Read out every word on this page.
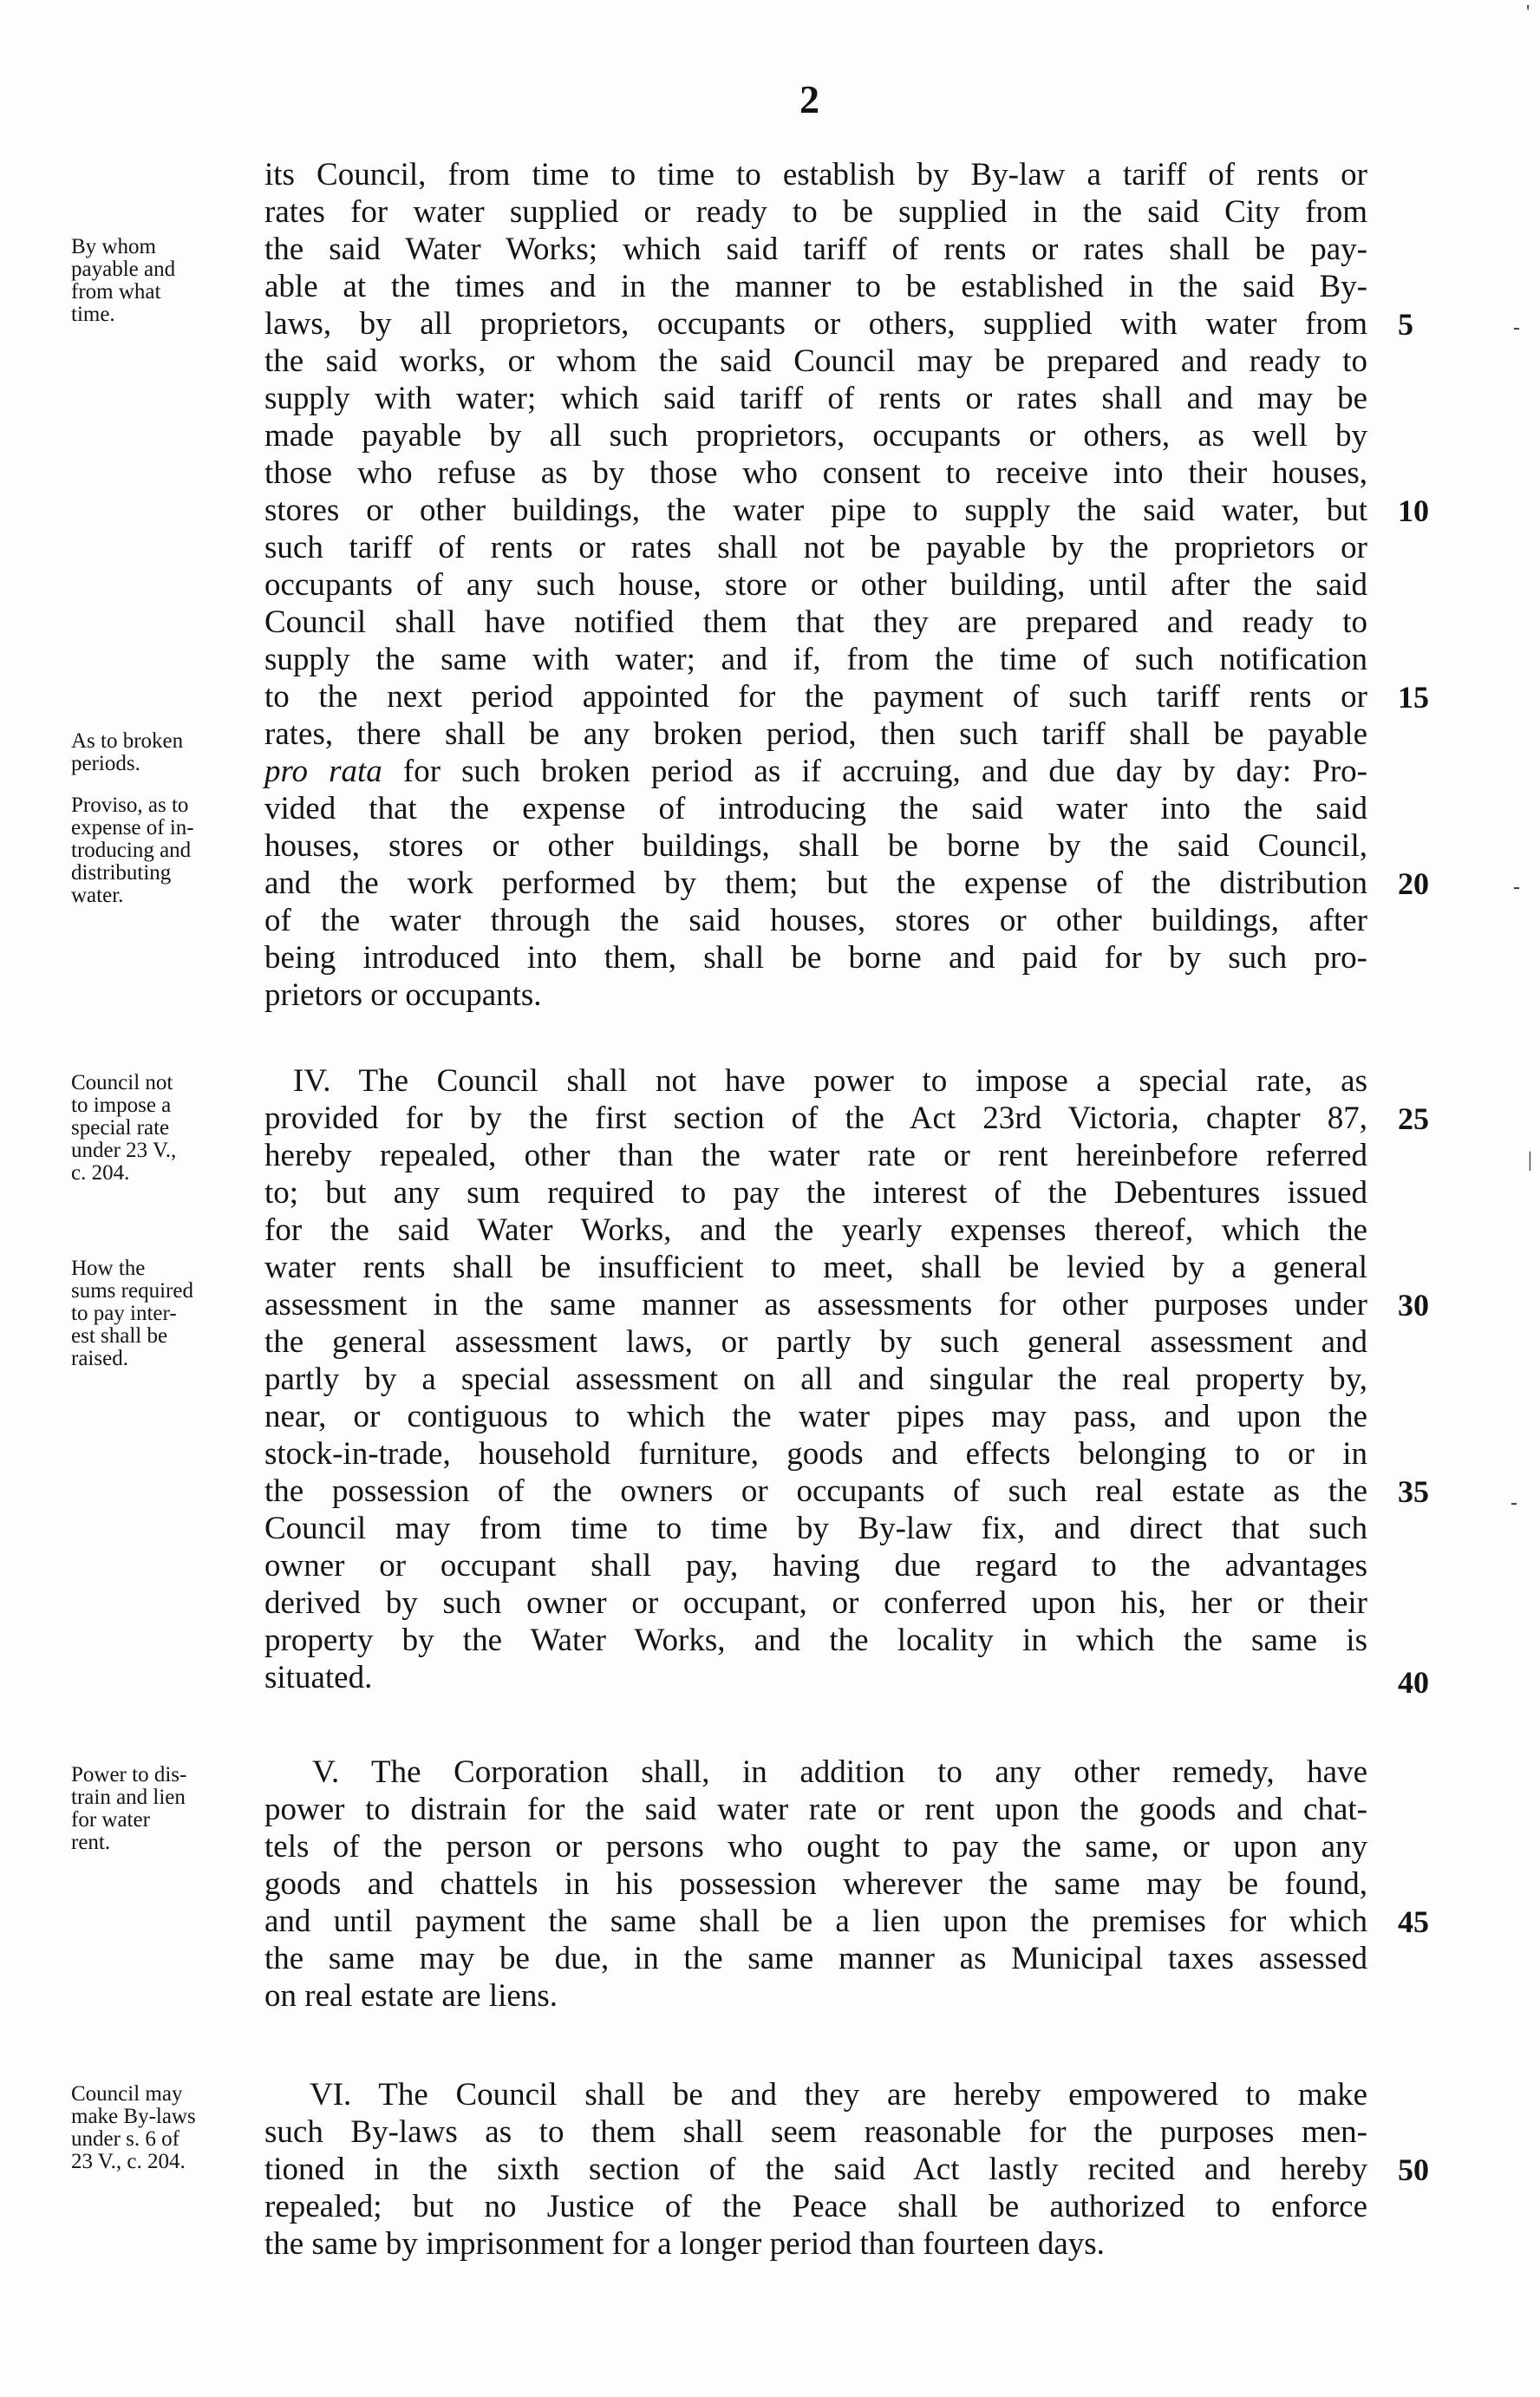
2
its Council, from time to time to establish by By-law a tariff of rents or
rates for water supplied or ready to be supplied in the said City from
the said Water Works; which said tariff of rents or rates shall be pay-
able at the times and in the manner to be established in the said By-
laws, by all proprietors, occupants or others, supplied with water from
the said works, or whom the said Council may be prepared and ready to
supply with water; which said tariff of rents or rates shall and may be
made payable by all such proprietors, occupants or others, as well by
those who refuse as by those who consent to receive into their houses,
stores or other buildings, the water pipe to supply the said water, but
such tariff of rents or rates shall not be payable by the proprietors or
occupants of any such house, store or other building, until after the said
Council shall have notified them that they are prepared and ready to
supply the same with water; and if, from the time of such notification
to the next period appointed for the payment of such tariff rents or
rates, there shall be any broken period, then such tariff shall be payable
pro rata for such broken period as if accruing, and due day by day: Pro-
vided that the expense of introducing the said water into the said
houses, stores or other buildings, shall be borne by the said Council,
and the work performed by them; but the expense of the distribution
of the water through the said houses, stores or other buildings, after
being introduced into them, shall be borne and paid for by such pro-
prietors or occupants.
IV. The Council shall not have power to impose a special rate, as
provided for by the first section of the Act 23rd Victoria, chapter 87,
hereby repealed, other than the water rate or rent hereinbefore referred
to; but any sum required to pay the interest of the Debentures issued
for the said Water Works, and the yearly expenses thereof, which the
water rents shall be insufficient to meet, shall be levied by a general
assessment in the same manner as assessments for other purposes under
the general assessment laws, or partly by such general assessment and
partly by a special assessment on all and singular the real property by,
near, or contiguous to which the water pipes may pass, and upon the
stock-in-trade, household furniture, goods and effects belonging to or in
the possession of the owners or occupants of such real estate as the
Council may from time to time by By-law fix, and direct that such
owner or occupant shall pay, having due regard to the advantages
derived by such owner or occupant, or conferred upon his, her or their
property by the Water Works, and the locality in which the same is
situated.
V. The Corporation shall, in addition to any other remedy, have
power to distrain for the said water rate or rent upon the goods and chat-
tels of the person or persons who ought to pay the same, or upon any
goods and chattels in his possession wherever the same may be found,
and until payment the same shall be a lien upon the premises for which
the same may be due, in the same manner as Municipal taxes assessed
on real estate are liens.
VI. The Council shall be and they are hereby empowered to make
such By-laws as to them shall seem reasonable for the purposes men-
tioned in the sixth section of the said Act lastly recited and hereby
repealed; but no Justice of the Peace shall be authorized to enforce
the same by imprisonment for a longer period than fourteen days.
5
10
15
20
25
30
35
40
45
50
By whom
payable and
from what
time.
As to broken
periods.
Proviso, as to
expense of in-
troducing and
distributing
water.
Council not
to impose a
special rate
under 23 V.,
c. 204.
How the
sums required
to pay inter-
est shall be
raised.
Power to dis-
train and lien
for water
rent.
Council may
make By-laws
under s. 6 of
23 V., c. 204.
'
-
-
|
-
